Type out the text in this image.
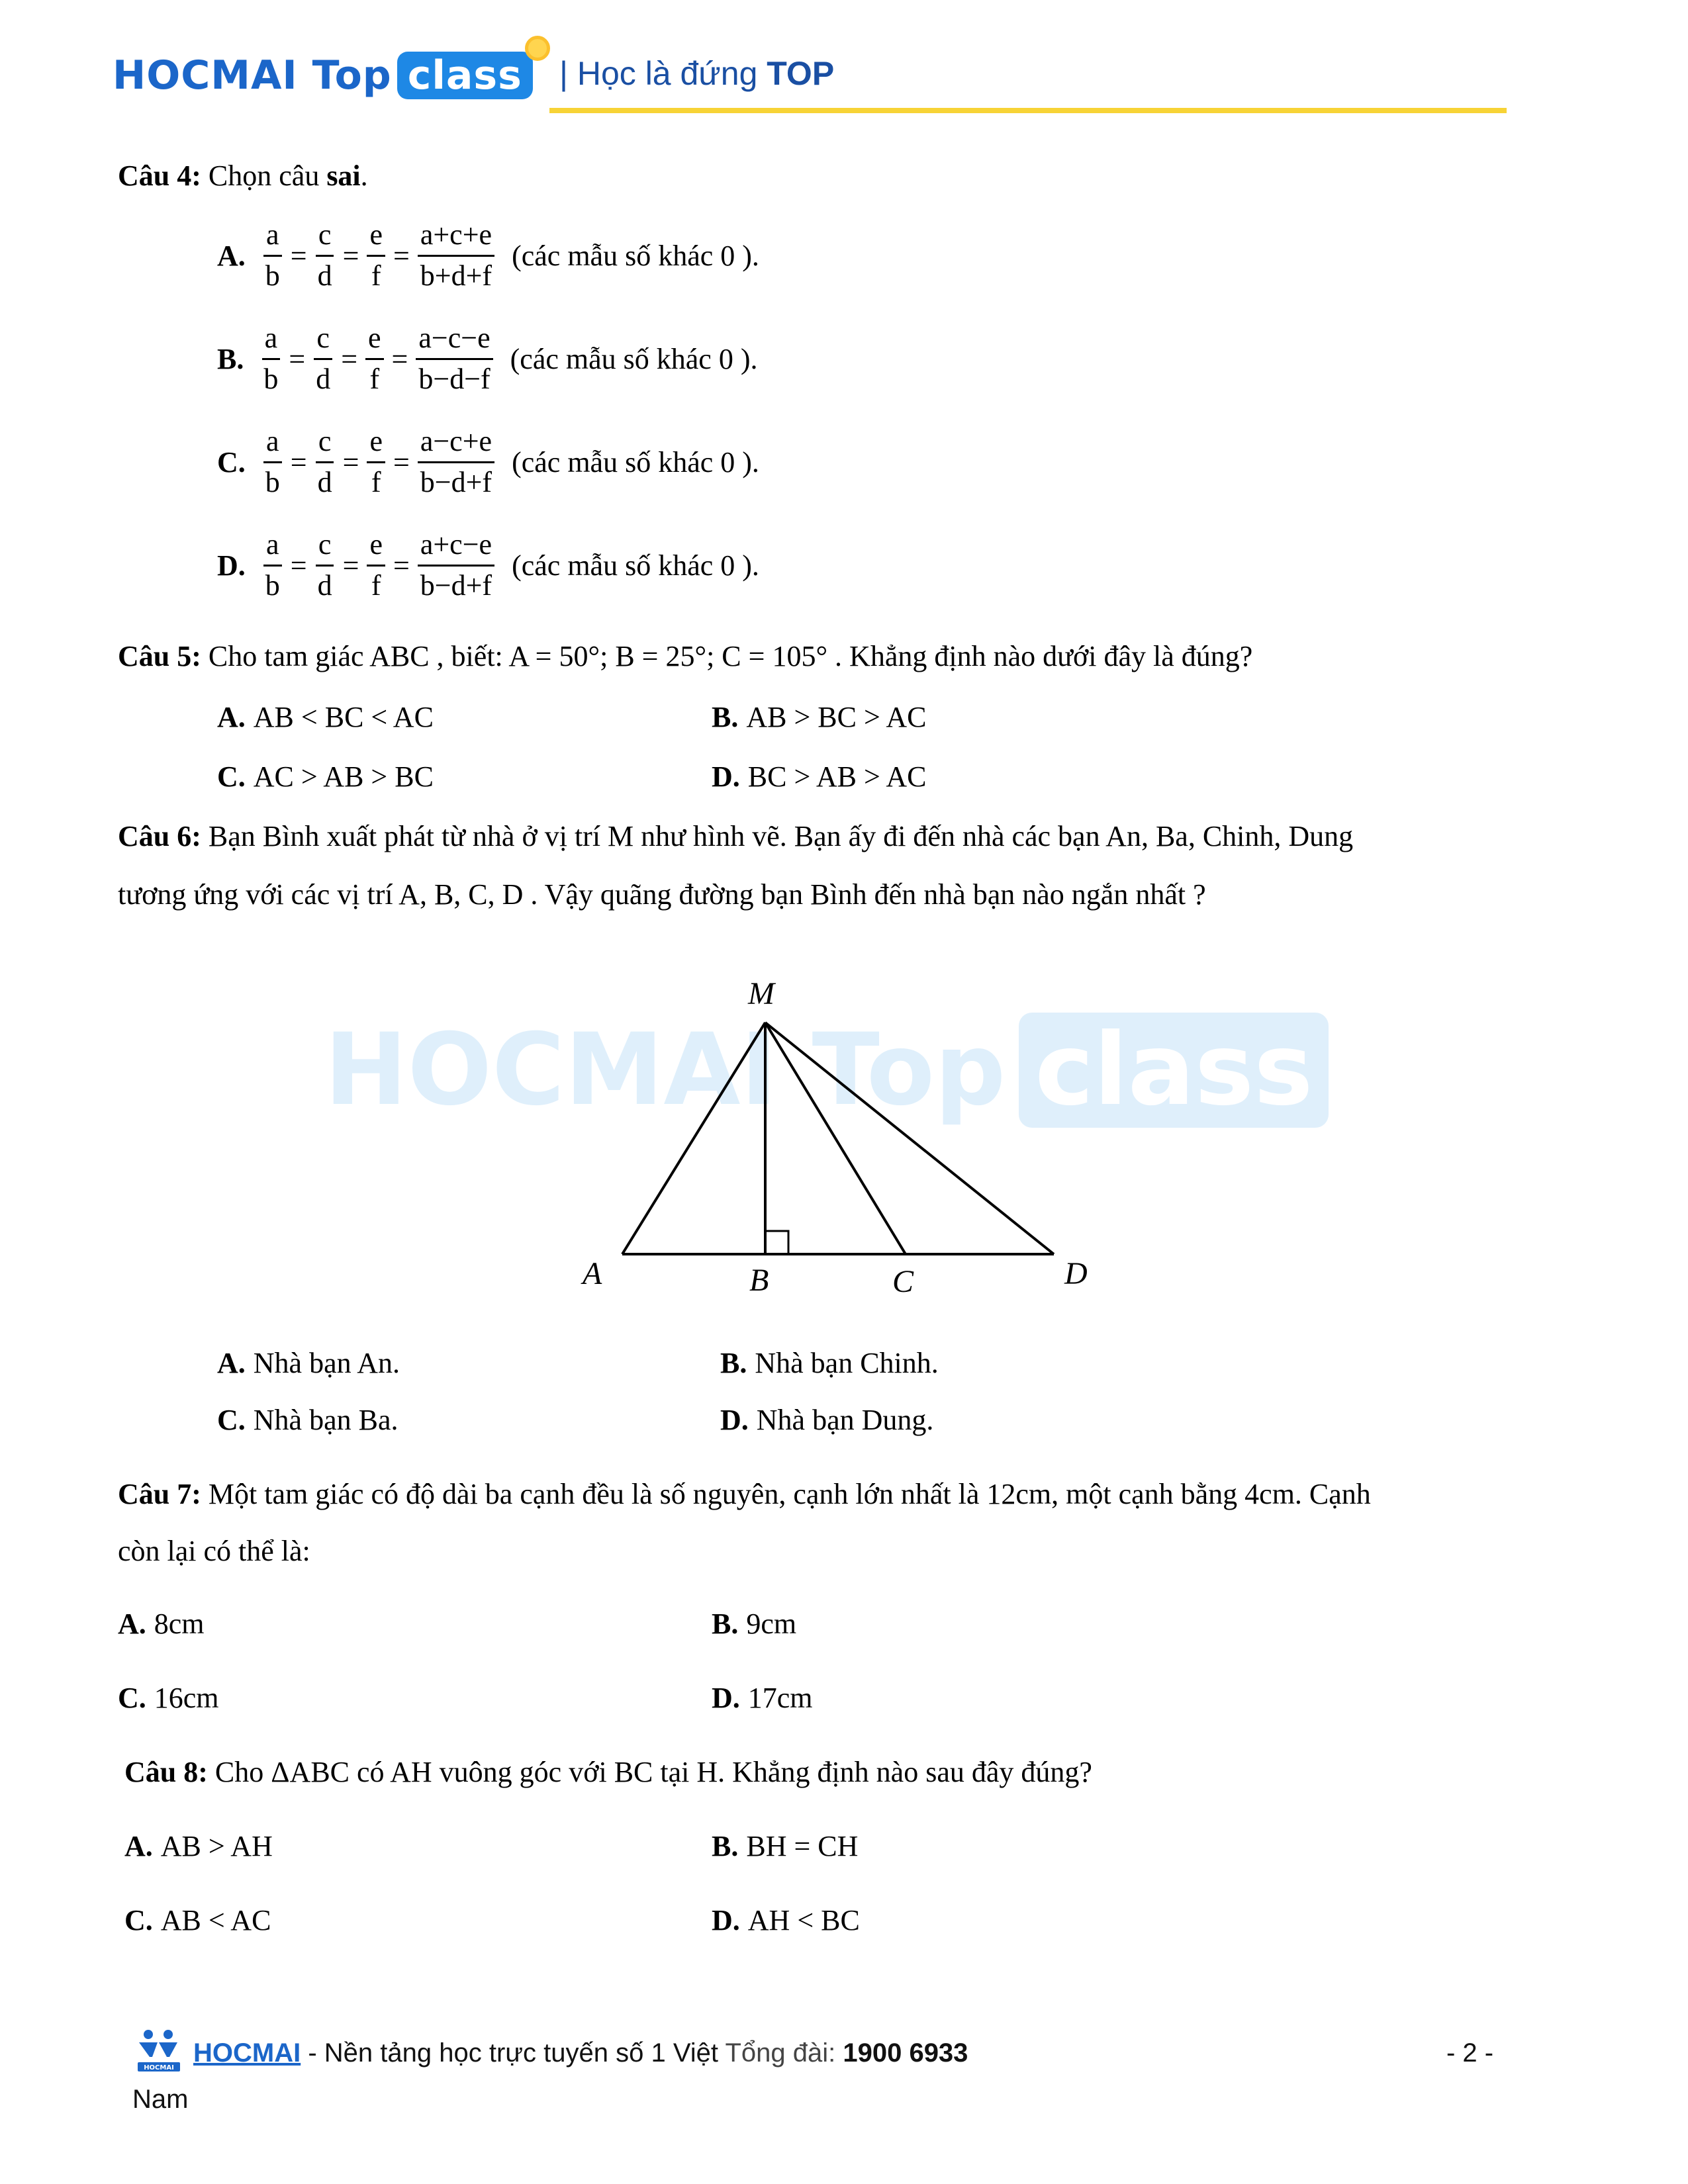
HOCMAI Top class	| Học là đứng TOP
Câu 4: Chọn câu sai.
A. $\frac{a}{b} = \frac{c}{d} = \frac{e}{f} = \frac{a+c+e}{b+d+f}$ (các mẫu số khác 0 ).
B. $\frac{a}{b} = \frac{c}{d} = \frac{e}{f} = \frac{a-c-e}{b-d-f}$ (các mẫu số khác 0 ).
C. $\frac{a}{b} = \frac{c}{d} = \frac{e}{f} = \frac{a-c+e}{b-d+f}$ (các mẫu số khác 0 ).
D. $\frac{a}{b} = \frac{c}{d} = \frac{e}{f} = \frac{a+c-e}{b-d+f}$ (các mẫu số khác 0 ).
Câu 5: Cho tam giác ABC , biết: A = 50°; B = 25°; C = 105° . Khẳng định nào dưới đây là đúng?
A. AB < BC < AC	B. AB > BC > AC
C. AC > AB > BC	D. BC > AB > AC
Câu 6: Bạn Bình xuất phát từ nhà ở vị trí M như hình vẽ. Bạn ấy đi đến nhà các bạn An, Ba, Chinh, Dung
tương ứng với các vị trí A, B, C, D . Vậy quãng đường bạn Bình đến nhà bạn nào ngắn nhất ?
HOCMAI Top class
M
A	B	C	D
A. Nhà bạn An.	B. Nhà bạn Chinh.
C. Nhà bạn Ba.	D. Nhà bạn Dung.
Câu 7: Một tam giác có độ dài ba cạnh đều là số nguyên, cạnh lớn nhất là 12cm, một cạnh bằng 4cm. Cạnh
còn lại có thể là:
A. 8cm	B. 9cm
C. 16cm	D. 17cm
Câu 8: Cho ΔABC có AH vuông góc với BC tại H. Khẳng định nào sau đây đúng?
A. AB > AH	B. BH = CH
C. AB < AC	D. AH < BC
HOCMAI
HOCMAI - Nền tảng học trực tuyến số 1 Việt Tổng đài: 1900 6933
Nam
- 2 -
